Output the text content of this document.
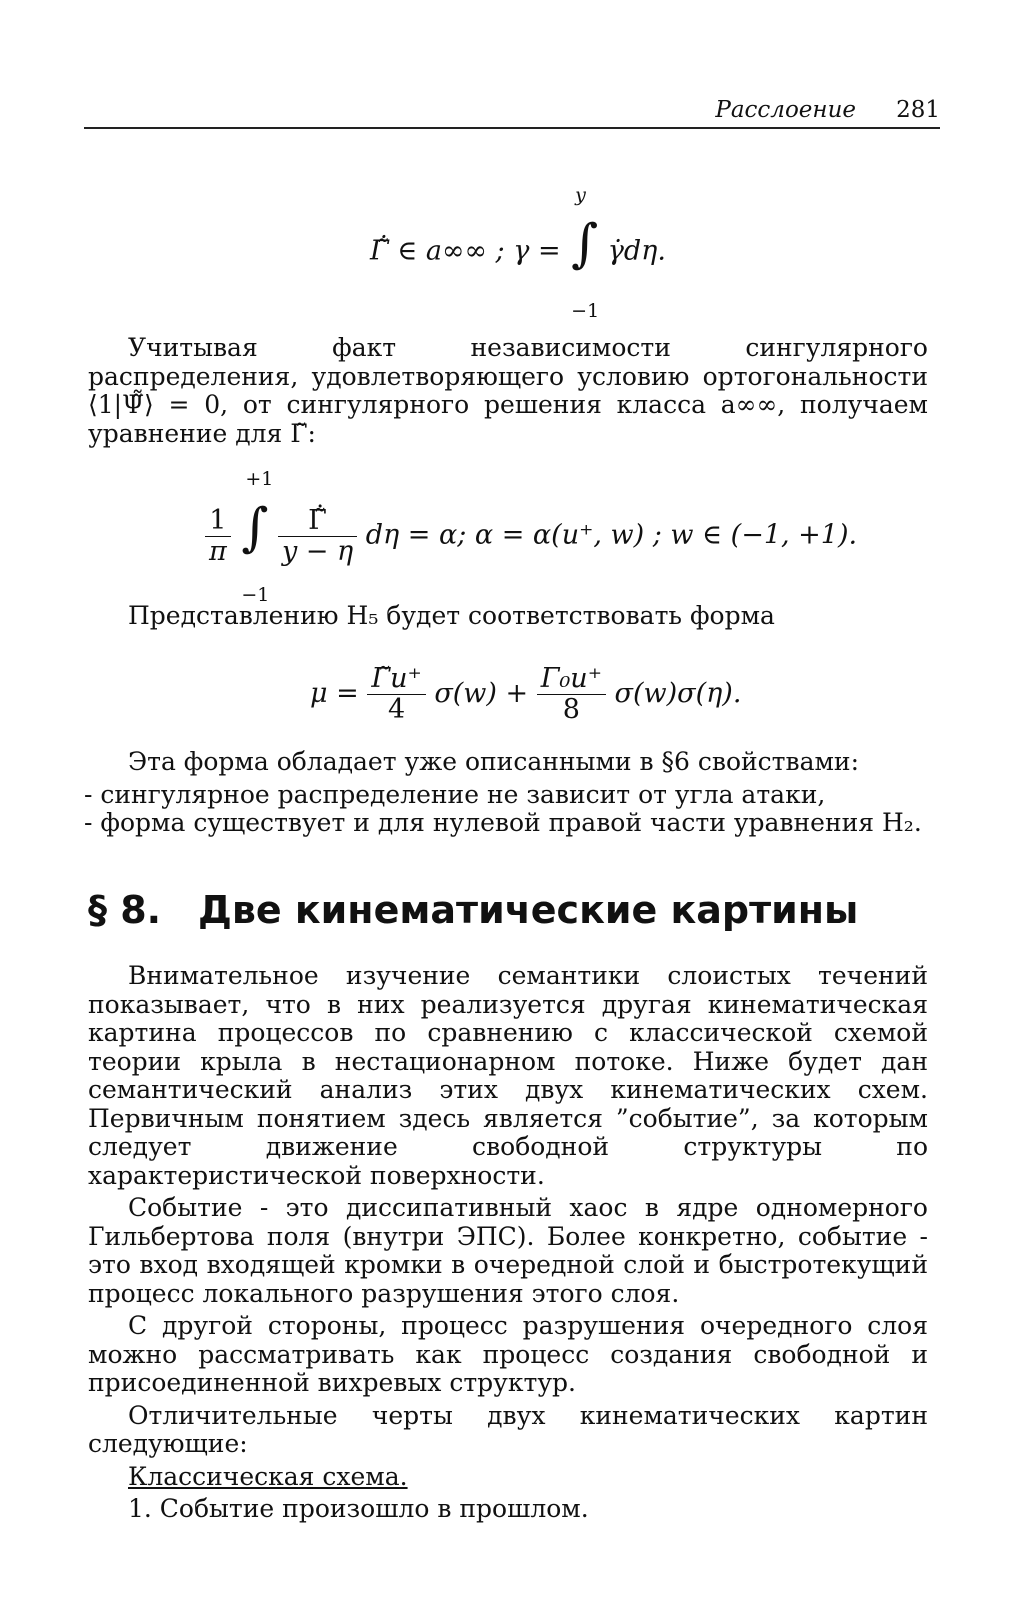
Расслоение 281
Γ̃̇ ∈ a∞∞ ; γ =
y
∫
−1
γ̇dη.

Учитывая факт независимости сингулярного распределения, удовлетворяющего условию ортогональности ⟨1|Ψ̃̃⟩ = 0, от сингулярного решения класса a∞∞, получаем уравнение для Γ̃:

$\frac{1}{\pi}$

+1
∫
−1

$\frac{\Gammã̇}{y - \eta}$ dη = α; α = α(u⁺, w) ; w ∈ (−1, +1).

Представлению H₅ будет соответствовать форма

$\mu = \frac{\Gammãu^+}{4} \sigma(w) + \frac{\text{Γ₀u⁺}}{8} \sigma(w)\sigma(\eta)$.

Эта форма обладает уже описанными в §6 свойствами:

- сингулярное распределение не зависит от угла атаки,

- форма существует и для нулевой правой части уравнения H₂.

§ 8. Две кинематические картины

Внимательное изучение семантики слоистых течений показывает, что в них реализуется другая кинематическая картина процессов по сравнению с классической схемой теории крыла в нестационарном потоке. Ниже будет дан семантический анализ этих двух кинематических схем. Первичным понятием здесь является ”событие”, за которым следует движение свободной структуры по характеристической поверхности.

Событие - это диссипативный хаос в ядре одномерного Гильбертова поля (внутри ЭПС). Более конкретно, событие - это вход входящей кромки в очередной слой и быстротекущий процесс локального разрушения этого слоя.

С другой стороны, процесс разрушения очередного слоя можно рассматривать как процесс создания свободной и присоединенной вихревых структур.

Отличительные черты двух кинематических картин следующие:

Классическая схема.

1. Событие произошло в прошлом.
